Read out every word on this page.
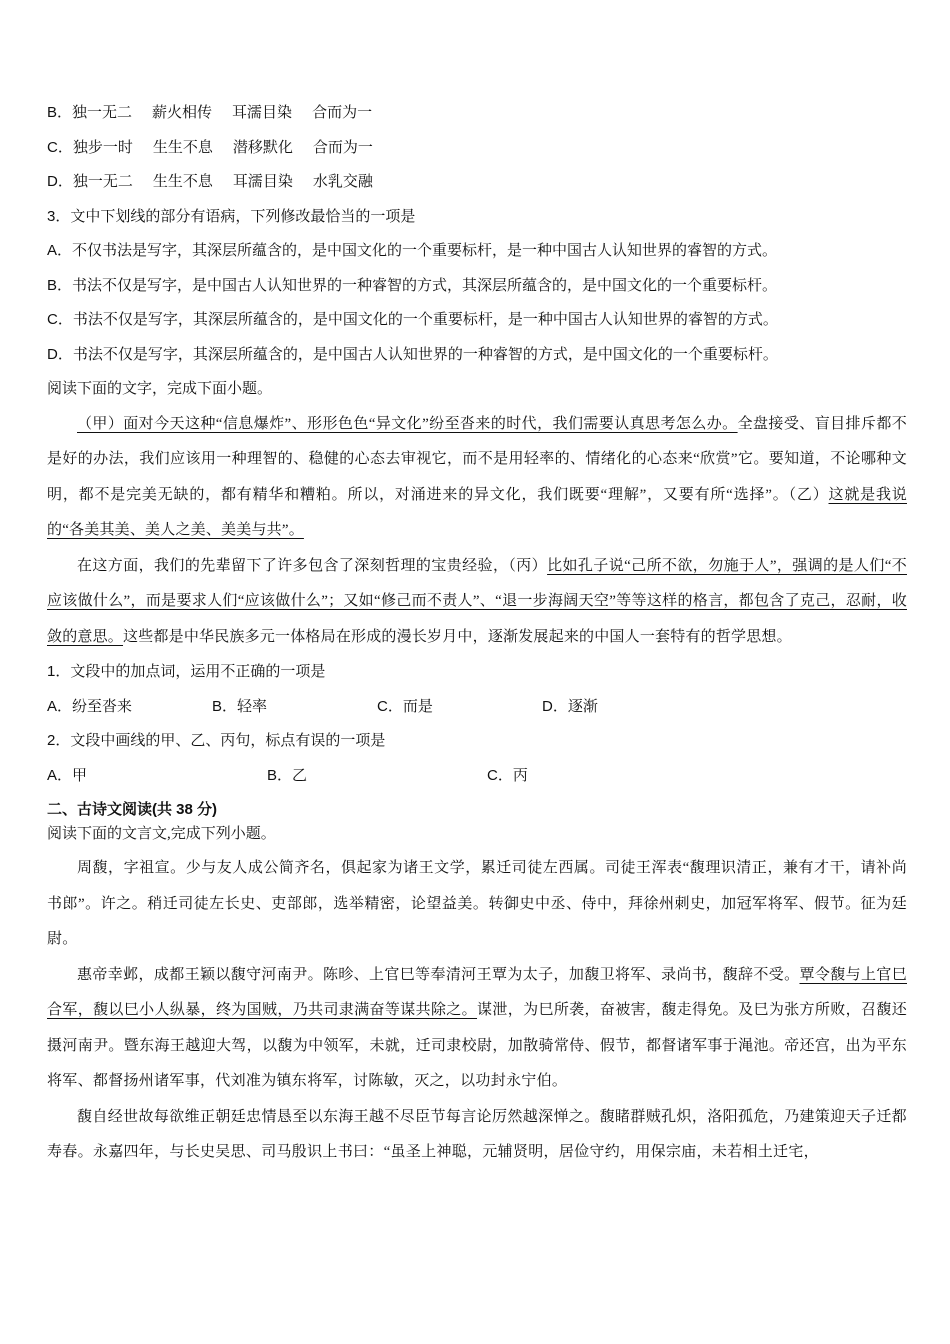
B． 独一无二 薪火相传 耳濡目染 合而为一
C． 独步一时 生生不息 潜移默化 合而为一
D． 独一无二 生生不息 耳濡目染 水乳交融
3．文中下划线的部分有语病，下列修改最恰当的一项是
A．不仅书法是写字，其深层所蕴含的，是中国文化的一个重要标杆，是一种中国古人认知世界的睿智的方式。
B．书法不仅是写字，是中国古人认知世界的一种睿智的方式，其深层所蕴含的，是中国文化的一个重要标杆。
C．书法不仅是写字，其深层所蕴含的，是中国文化的一个重要标杆，是一种中国古人认知世界的睿智的方式。
D．书法不仅是写字，其深层所蕴含的，是中国古人认知世界的一种睿智的方式，是中国文化的一个重要标杆。
阅读下面的文字，完成下面小题。
（甲）面对今天这种“信息爆炸”、形形色色“异文化”纷至沓来的时代，我们需要认真思考怎么办。全盘接受、盲目排斥都不是好的办法，我们应该用一种理智的、稳健的心态去审视它，而不是用轻率的、情绪化的心态来“欣赏”它。要知道，不论哪种文明，都不是完美无缺的，都有精华和糟粕。所以，对涌进来的异文化，我们既要“理解”，又要有所“选择”。（乙）这就是我说的“各美其美、美人之美、美美与共”。
在这方面，我们的先辈留下了许多包含了深刻哲理的宝贵经验，（丙）比如孔子说“己所不欲，勿施于人”，强调的是人们“不应该做什么”，而是要求人们“应该做什么”；又如“修己而不责人”、“退一步海阔天空”等等这样的格言，都包含了克己，忍耐，收敛的意思。这些都是中华民族多元一体格局在形成的漫长岁月中，逐渐发展起来的中国人一套特有的哲学思想。
1．文段中的加点词，运用不正确的一项是
A．纷至沓来	B．轻率	C．而是	D．逐渐
2．文段中画线的甲、乙、丙句，标点有误的一项是
A．甲	B．乙	C．丙
二、古诗文阅读(共 38 分)
阅读下面的文言文,完成下列小题。
周馥，字祖宣。少与友人成公简齐名，俱起家为诸王文学，累迁司徒左西属。司徒王浑表“馥理识清正，兼有才干，请补尚书郎”。许之。稍迁司徒左长史、吏部郎，选举精密，论望益美。转御史中丞、侍中，拜徐州刺史，加冠军将军、假节。征为廷尉。
惠帝幸邺，成都王颖以馥守河南尹。陈昣、上官巳等奉清河王覃为太子，加馥卫将军、录尚书，馥辞不受。覃令馥与上官巳合军，馥以巳小人纵暴，终为国贼，乃共司隶满奋等谋共除之。谋泄，为巳所袭，奋被害，馥走得免。及巳为张方所败，召馥还摄河南尹。暨东海王越迎大驾，以馥为中领军，未就，迁司隶校尉，加散骑常侍、假节，都督诸军事于渑池。帝还宫，出为平东将军、都督扬州诸军事，代刘准为镇东将军，讨陈敏，灭之，以功封永宁伯。
馥自经世故每欲维正朝廷忠情恳至以东海王越不尽臣节每言论厉然越深惮之。馥睹群贼孔炽，洛阳孤危，乃建策迎天子迁都寿春。永嘉四年，与长史吴思、司马殷识上书曰：“虽圣上神聪，元辅贤明，居俭守约，用保宗庙，未若相土迁宅，
